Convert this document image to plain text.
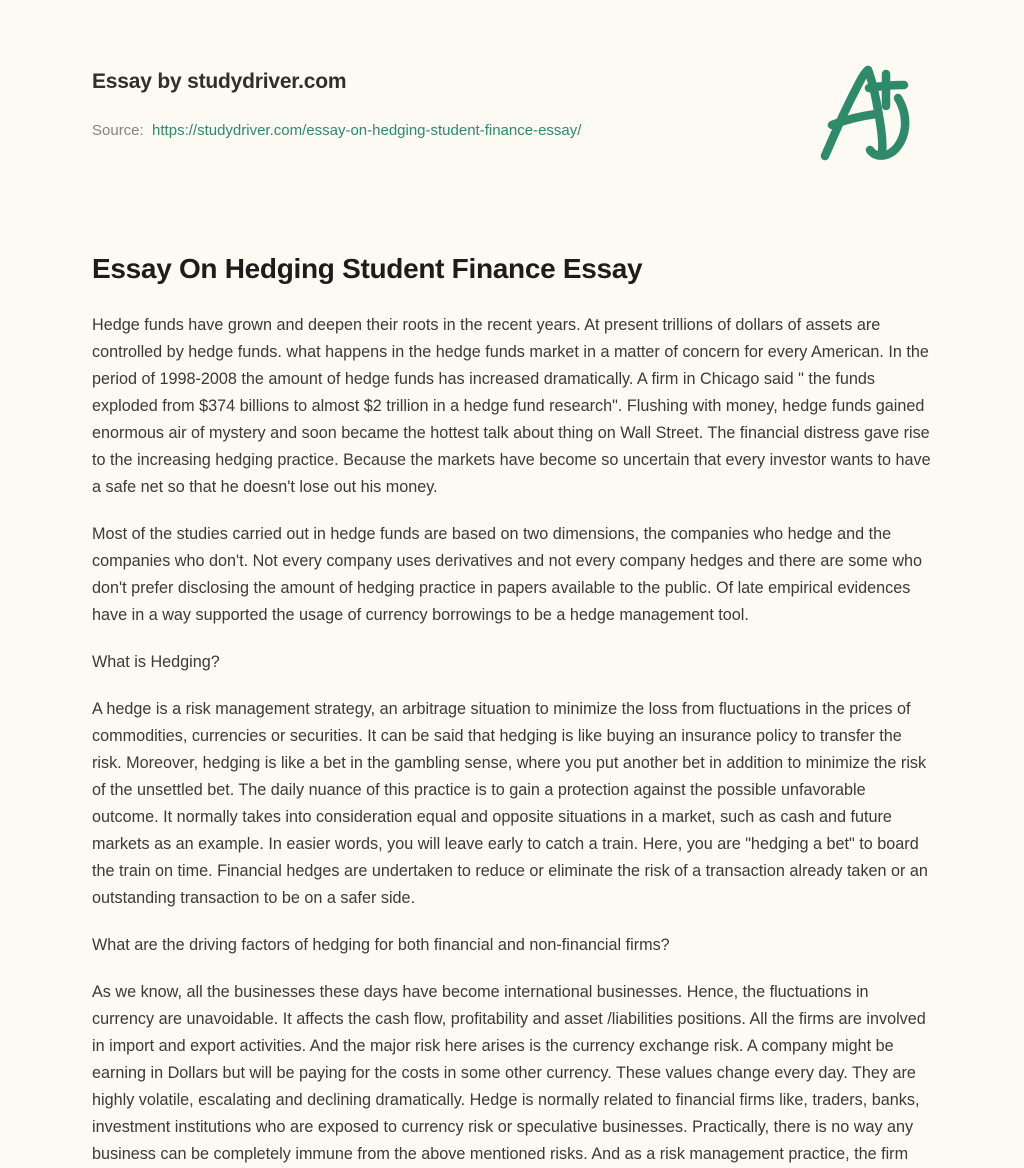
Essay by studydriver.com
Source: https://studydriver.com/essay-on-hedging-student-finance-essay/
Essay On Hedging Student Finance Essay

Hedge funds have grown and deepen their roots in the recent years. At present trillions of dollars of assets are controlled by hedge funds. what happens in the hedge funds market in a matter of concern for every American. In the period of 1998-2008 the amount of hedge funds has increased dramatically. A firm in Chicago said " the funds exploded from $374 billions to almost $2 trillion in a hedge fund research". Flushing with money, hedge funds gained enormous air of mystery and soon became the hottest talk about thing on Wall Street. The financial distress gave rise to the increasing hedging practice. Because the markets have become so uncertain that every investor wants to have a safe net so that he doesn't lose out his money.

Most of the studies carried out in hedge funds are based on two dimensions, the companies who hedge and the companies who don't. Not every company uses derivatives and not every company hedges and there are some who don't prefer disclosing the amount of hedging practice in papers available to the public. Of late empirical evidences have in a way supported the usage of currency borrowings to be a hedge management tool.

What is Hedging?

A hedge is a risk management strategy, an arbitrage situation to minimize the loss from fluctuations in the prices of commodities, currencies or securities. It can be said that hedging is like buying an insurance policy to transfer the risk. Moreover, hedging is like a bet in the gambling sense, where you put another bet in addition to minimize the risk of the unsettled bet. The daily nuance of this practice is to gain a protection against the possible unfavorable outcome. It normally takes into consideration equal and opposite situations in a market, such as cash and future markets as an example. In easier words, you will leave early to catch a train. Here, you are "hedging a bet" to board the train on time. Financial hedges are undertaken to reduce or eliminate the risk of a transaction already taken or an outstanding transaction to be on a safer side.

What are the driving factors of hedging for both financial and non-financial firms?

As we know, all the businesses these days have become international businesses. Hence, the fluctuations in currency are unavoidable. It affects the cash flow, profitability and asset /liabilities positions. All the firms are involved in import and export activities. And the major risk here arises is the currency exchange risk. A company might be earning in Dollars but will be paying for the costs in some other currency. These values change every day. They are highly volatile, escalating and declining dramatically. Hedge is normally related to financial firms like, traders, banks, investment institutions who are exposed to currency risk or speculative businesses. Practically, there is no way any business can be completely immune from the above mentioned risks. And as a risk management practice, the firm
